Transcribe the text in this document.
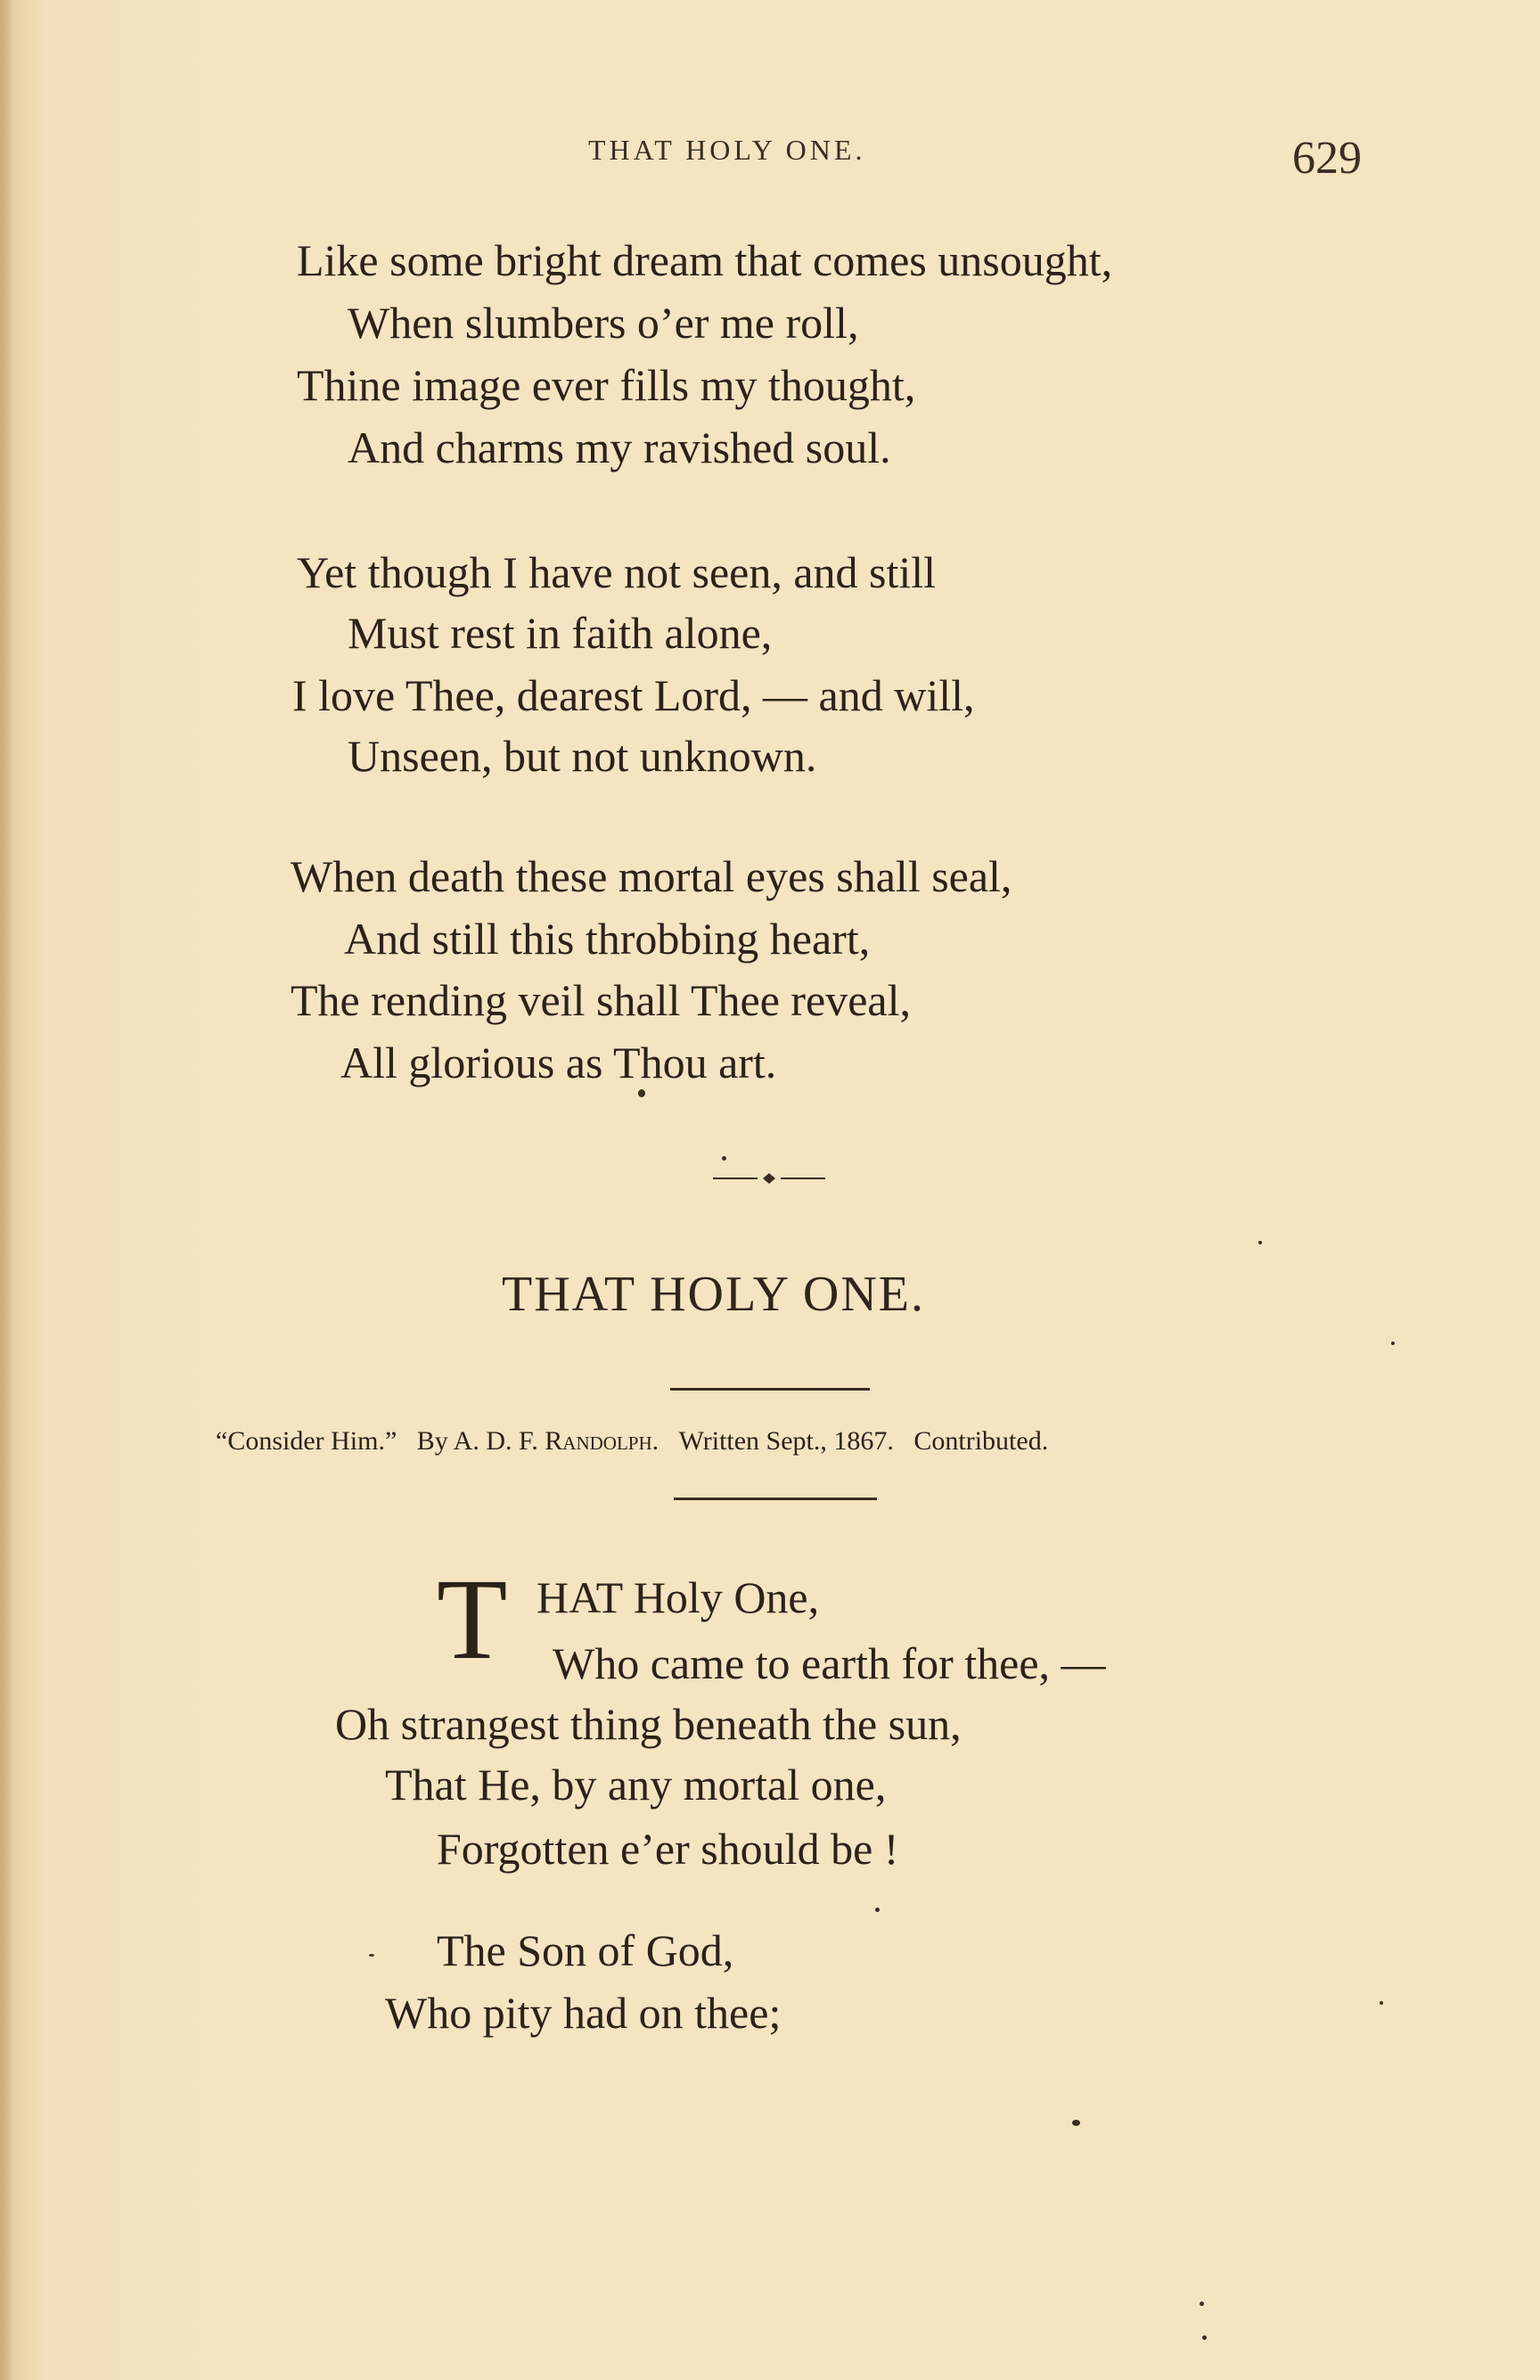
THAT HOLY ONE.	629
Like some bright dream that comes unsought,
When slumbers o’er me roll,
Thine image ever fills my thought,
And charms my ravished soul.
Yet though I have not seen, and still
Must rest in faith alone,
I love Thee, dearest Lord, — and will,
Unseen, but not unknown.
When death these mortal eyes shall seal,
And still this throbbing heart,
The rending veil shall Thee reveal,
All glorious as Thou art.
THAT HOLY ONE.
“Consider Him.” By A. D. F. Randolph. Written Sept., 1867. Contributed.
T HAT Holy One,
Who came to earth for thee, —
Oh strangest thing beneath the sun,
That He, by any mortal one,
Forgotten e’er should be !
The Son of God,
Who pity had on thee;
